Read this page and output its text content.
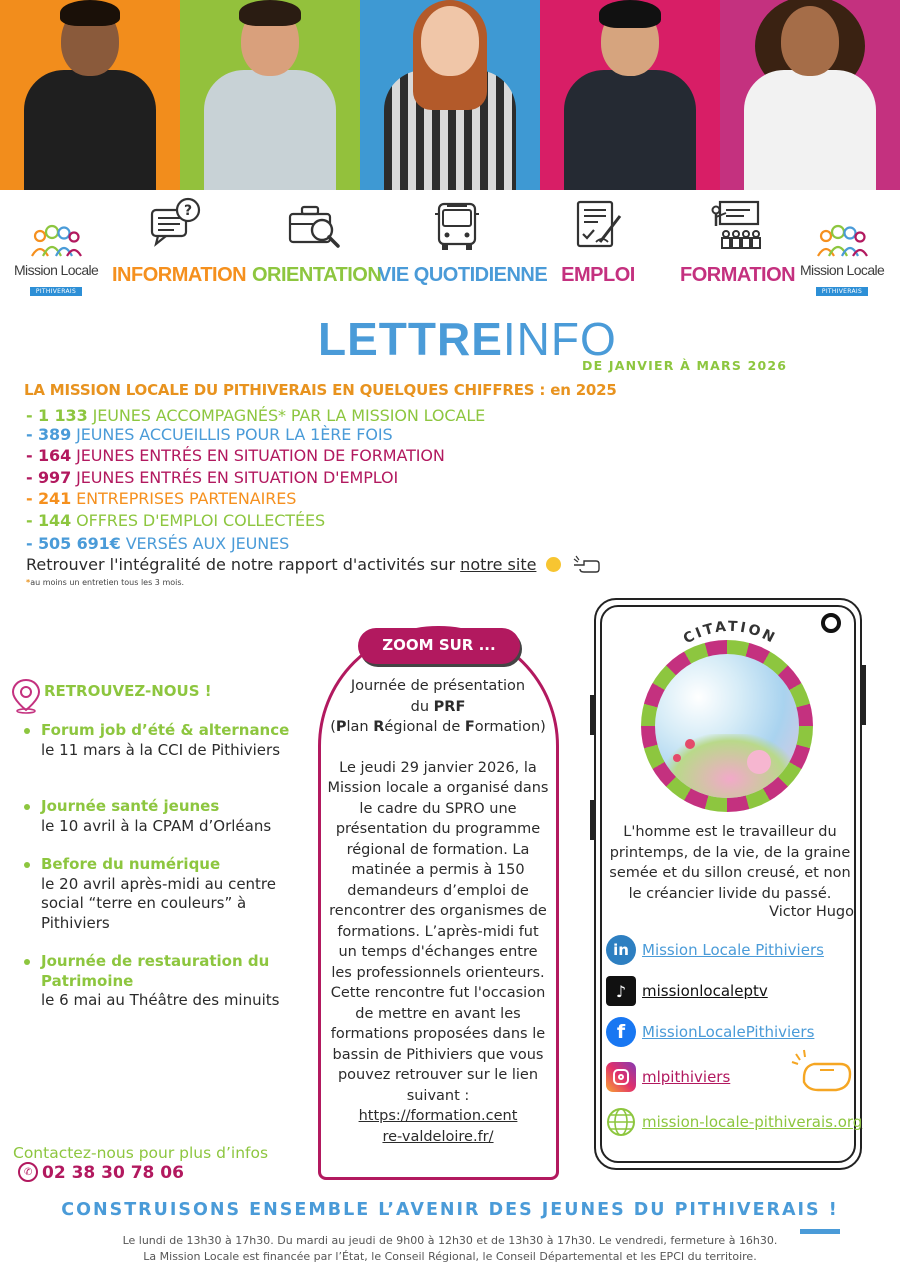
Mission Locale
PITHIVERAIS
?
INFORMATION ORIENTATION
VIE QUOTIDIENNE EMPLOI	FORMATION Mission Locale
PITHIVERAIS
LETTREINFO
DE JANVIER À MARS 2026
LA MISSION LOCALE DU PITHIVERAIS EN QUELQUES CHIFFRES : en 2025
- 1 133 JEUNES ACCOMPAGNÉS* PAR LA MISSION LOCALE
- 389 JEUNES ACCUEILLIS POUR LA 1ÈRE FOIS
- 164 JEUNES ENTRÉS EN SITUATION DE FORMATION
- 997 JEUNES ENTRÉS EN SITUATION D'EMPLOI
- 241 ENTREPRISES PARTENAIRES
- 144 OFFRES D'EMPLOI COLLECTÉES
- 505 691€ VERSÉS AUX JEUNES
Retrouver l'intégralité de notre rapport d'activités sur notre site
*au moins un entretien tous les 3 mois.
RETROUVEZ-NOUS !
Forum job d’été & alternance
le 11 mars à la CCI de Pithiviers
Journée santé jeunes
le 10 avril à la CPAM d’Orléans
Before du numérique
le 20 avril après-midi au centre social “terre en couleurs” à Pithiviers
Journée de restauration du Patrimoine
le 6 mai au Théâtre des minuits
Contactez-nous pour plus d’infos
✆ 02 38 30 78 06
ZOOM SUR ...

Journée de présentation

du PRF

(Plan Régional de Formation)

Le jeudi 29 janvier 2026, la Mission locale a organisé dans le cadre du SPRO une présentation du programme régional de formation. La matinée a permis à 150 demandeurs d’emploi de rencontrer des organismes de formations. L’après-midi fut un temps d'échanges entre les professionnels orienteurs. Cette rencontre fut l'occasion de mettre en avant les formations proposées dans le bassin de Pithiviers que vous pouvez retrouver sur le lien suivant :

https://formation.centre-valdeloire.fr/

CITATION
L'homme est le travailleur du printemps, de la vie, de la graine semée et du sillon creusé, et non le créancier livide du passé.
Victor Hugo
in Mission Locale Pithiviers
♪	missionlocaleptv
f	MissionLocalePithiviers
mlpithiviers
mission-locale-pithiverais.org
CONSTRUISONS ENSEMBLE L’AVENIR DES JEUNES DU PITHIVERAIS !
Le lundi de 13h30 à 17h30. Du mardi au jeudi de 9h00 à 12h30 et de 13h30 à 17h30. Le vendredi, fermeture à 16h30.
La Mission Locale est financée par l’État, le Conseil Régional, le Conseil Départemental et les EPCI du territoire.
